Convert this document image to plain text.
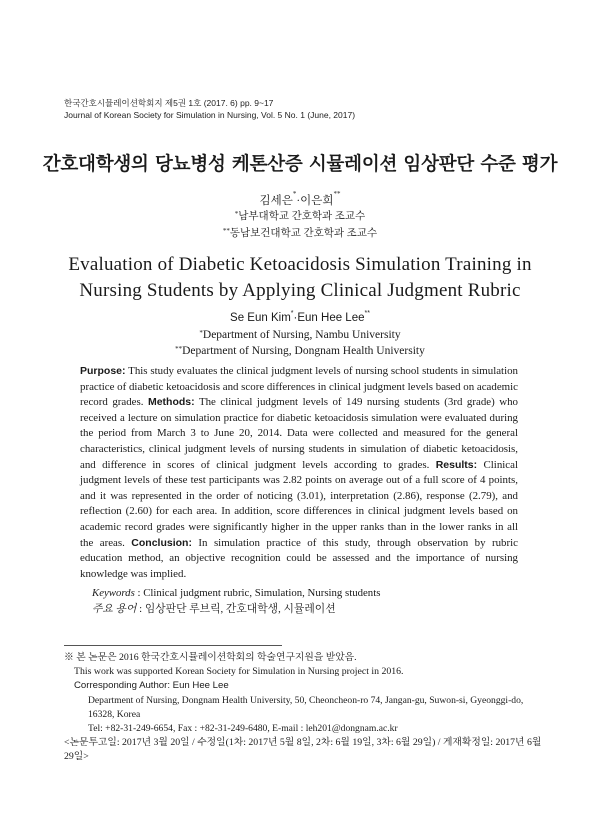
한국간호시뮬레이션학회지 제5권 1호 (2017. 6) pp. 9~17
Journal of Korean Society for Simulation in Nursing, Vol. 5 No. 1 (June, 2017)
간호대학생의 당뇨병성 케톤산증 시뮬레이션 임상판단 수준 평가
김세은*·이은희**
*남부대학교 간호학과 조교수
**동남보건대학교 간호학과 조교수
Evaluation of Diabetic Ketoacidosis Simulation Training in
Nursing Students by Applying Clinical Judgment Rubric
Se Eun Kim*·Eun Hee Lee**
*Department of Nursing, Nambu University
**Department of Nursing, Dongnam Health University
Purpose: This study evaluates the clinical judgment levels of nursing school students in simulation practice of diabetic ketoacidosis and score differences in clinical judgment levels based on academic record grades. Methods: The clinical judgment levels of 149 nursing students (3rd grade) who received a lecture on simulation practice for diabetic ketoacidosis simulation were evaluated during the period from March 3 to June 20, 2014. Data were collected and measured for the general characteristics, clinical judgment levels of nursing students in simulation of diabetic ketoacidosis, and difference in scores of clinical judgment levels according to grades. Results: Clinical judgment levels of these test participants was 2.82 points on average out of a full score of 4 points, and it was represented in the order of noticing (3.01), interpretation (2.86), response (2.79), and reflection (2.60) for each area. In addition, score differences in clinical judgment levels based on academic record grades were significantly higher in the upper ranks than in the lower ranks in all the areas. Conclusion: In simulation practice of this study, through observation by rubric education method, an objective recognition could be assessed and the importance of nursing knowledge was implied.
Keywords : Clinical judgment rubric, Simulation, Nursing students
주요 용어 : 임상판단 루브릭, 간호대학생, 시뮬레이션
※ 본 논문은 2016 한국간호시뮬레이션학회의 학술연구지원을 받았음.
This work was supported Korean Society for Simulation in Nursing project in 2016.
Corresponding Author: Eun Hee Lee
Department of Nursing, Dongnam Health University, 50, Cheoncheon-ro 74, Jangan-gu, Suwon-si, Gyeonggi-do, 16328, Korea
Tel: +82-31-249-6654, Fax : +82-31-249-6480, E-mail : leh201@dongnam.ac.kr
<논문투고일: 2017년 3월 20일 / 수정일(1차: 2017년 5월 8일, 2차: 6월 19일, 3차: 6월 29일) / 게재확정일: 2017년 6월 29일>
